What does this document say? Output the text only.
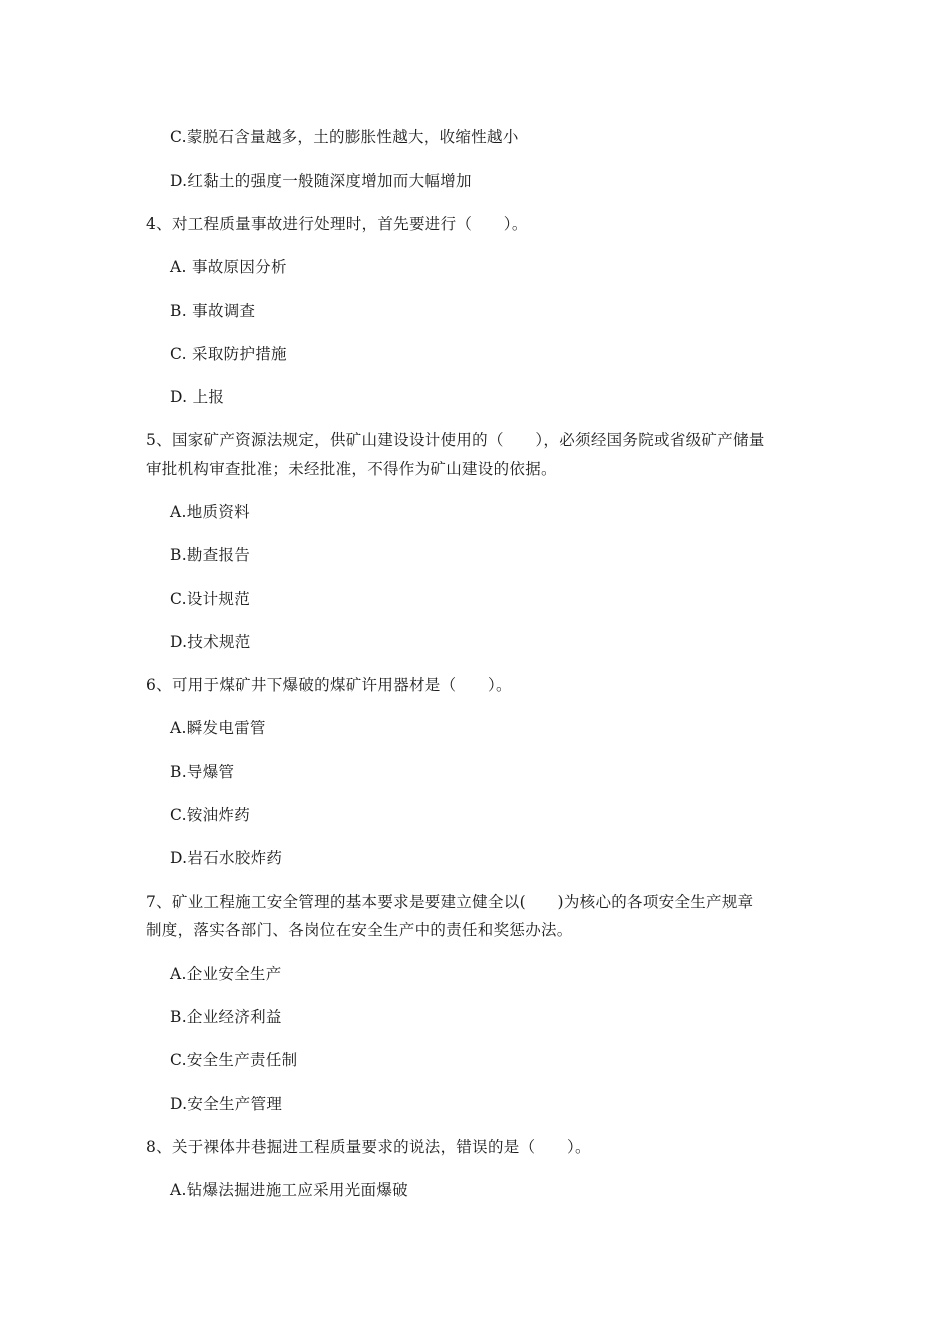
C.蒙脱石含量越多，土的膨胀性越大，收缩性越小
D.红黏土的强度一般随深度增加而大幅增加
4、对工程质量事故进行处理时，首先要进行（　　）。
A. 事故原因分析
B. 事故调查
C. 采取防护措施
D. 上报
5、国家矿产资源法规定，供矿山建设设计使用的（　　），必须经国务院或省级矿产储量
审批机构审查批准；未经批准，不得作为矿山建设的依据。
A.地质资料
B.勘查报告
C.设计规范
D.技术规范
6、可用于煤矿井下爆破的煤矿许用器材是（　　）。
A.瞬发电雷管
B.导爆管
C.铵油炸药
D.岩石水胶炸药
7、矿业工程施工安全管理的基本要求是要建立健全以(　　)为核心的各项安全生产规章
制度，落实各部门、各岗位在安全生产中的责任和奖惩办法。
A.企业安全生产
B.企业经济利益
C.安全生产责任制
D.安全生产管理
8、关于裸体井巷掘进工程质量要求的说法，错误的是（　　）。
A.钻爆法掘进施工应采用光面爆破
